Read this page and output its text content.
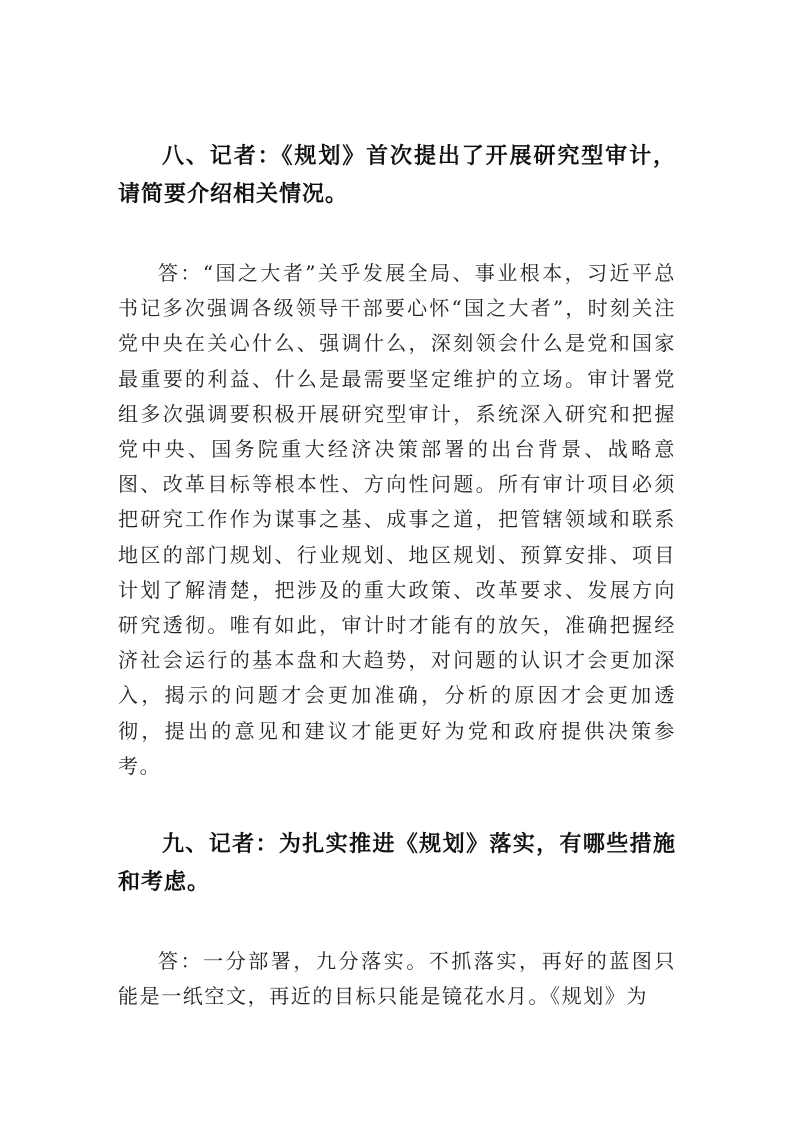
八、记者：《规划》首次提出了开展研究型审计，请简要介绍相关情况。

答：“国之大者”关乎发展全局、事业根本，习近平总书记多次强调各级领导干部要心怀“国之大者”，时刻关注党中央在关心什么、强调什么，深刻领会什么是党和国家最重要的利益、什么是最需要坚定维护的立场。审计署党组多次强调要积极开展研究型审计，系统深入研究和把握党中央、国务院重大经济决策部署的出台背景、战略意图、改革目标等根本性、方向性问题。所有审计项目必须把研究工作作为谋事之基、成事之道，把管辖领域和联系地区的部门规划、行业规划、地区规划、预算安排、项目计划了解清楚，把涉及的重大政策、改革要求、发展方向研究透彻。唯有如此，审计时才能有的放矢，准确把握经济社会运行的基本盘和大趋势，对问题的认识才会更加深入，揭示的问题才会更加准确，分析的原因才会更加透彻，提出的意见和建议才能更好为党和政府提供决策参考。

九、记者：为扎实推进《规划》落实，有哪些措施和考虑。

答：一分部署，九分落实。不抓落实，再好的蓝图只能是一纸空文，再近的目标只能是镜花水月。《规划》为
